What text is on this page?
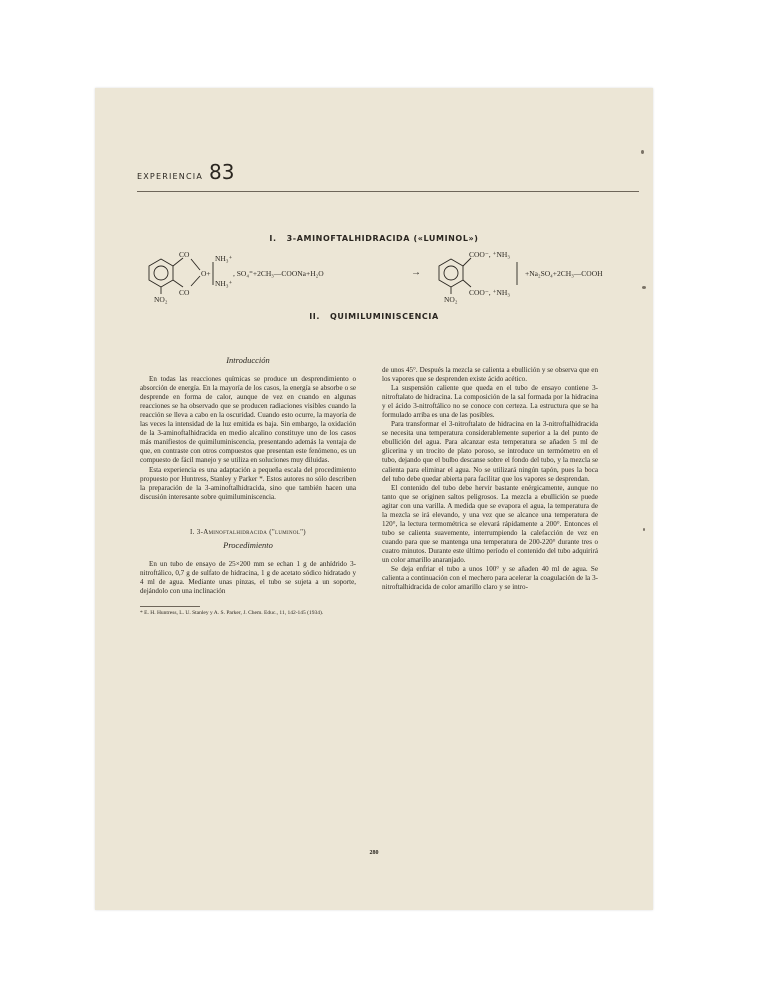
EXPERIENCIA 83
I. 3-AMINOFTALHIDRACIDA («LUMINOL»)
CO
CO
O+
NH₃⁺
NH₃⁺
NO₂
, SO₄⁼+2CH₃—COONa+H₂O	→
COO⁻, ⁺NH₃
COO⁻, ⁺NH₃
NO₂
+Na₂SO₄+2CH₃—COOH
II. QUIMILUMINISCENCIA

Introducción

En todas las reacciones químicas se produce un desprendimiento o absorción de energía. En la mayoría de los casos, la energía se absorbe o se desprende en forma de calor, aunque de vez en cuando en algunas reacciones se ha observado que se producen radiaciones visibles cuando la reacción se lleva a cabo en la oscuridad. Cuando esto ocurre, la mayoría de las veces la intensidad de la luz emitida es baja. Sin embargo, la oxidación de la 3-aminoftalhidracida en medio alcalino constituye uno de los casos más manifiestos de quimiluminiscencia, presentando además la ventaja de que, en contraste con otros compuestos que presentan este fenómeno, es un compuesto de fácil manejo y se utiliza en soluciones muy diluidas.

Esta experiencia es una adaptación a pequeña escala del procedimiento propuesto por Huntress, Stanley y Parker *. Estos autores no sólo describen la preparación de la 3-aminoftalhidracida, sino que también hacen una discusión interesante sobre quimiluminiscencia.

I. 3-Aminoftalhidracida ("luminol")

Procedimiento

En un tubo de ensayo de 25×200 mm se echan 1 g de anhídrido 3-nitroftálico, 0,7 g de sulfato de hidracina, 1 g de acetato sódico hidratado y 4 ml de agua. Mediante unas pinzas, el tubo se sujeta a un soporte, dejándolo con una inclinación

* E. H. Huntress, L. U. Stanley y A. S. Parker, J. Chem. Educ., 11, 142-145 (1934).

de unos 45°. Después la mezcla se calienta a ebullición y se observa que en los vapores que se desprenden existe ácido acético.

La suspensión caliente que queda en el tubo de ensayo contiene 3-nitroftalato de hidracina. La composición de la sal formada por la hidracina y el ácido 3-nitroftálico no se conoce con certeza. La estructura que se ha formulado arriba es una de las posibles.

Para transformar el 3-nitroftalato de hidracina en la 3-nitroftalhidracida se necesita una temperatura considerablemente superior a la del punto de ebullición del agua. Para alcanzar esta temperatura se añaden 5 ml de glicerina y un trocito de plato poroso, se introduce un termómetro en el tubo, dejando que el bulbo descanse sobre el fondo del tubo, y la mezcla se calienta para eliminar el agua. No se utilizará ningún tapón, pues la boca del tubo debe quedar abierta para facilitar que los vapores se desprendan.

El contenido del tubo debe hervir bastante enérgicamente, aunque no tanto que se originen saltos peligrosos. La mezcla a ebullición se puede agitar con una varilla. A medida que se evapora el agua, la temperatura de la mezcla se irá elevando, y una vez que se alcance una temperatura de 120°, la lectura termométrica se elevará rápidamente a 200°. Entonces el tubo se calienta suavemente, interrumpiendo la calefacción de vez en cuando para que se mantenga una temperatura de 200-220° durante tres o cuatro minutos. Durante este último período el contenido del tubo adquirirá un color amarillo anaranjado.

Se deja enfriar el tubo a unos 100° y se añaden 40 ml de agua. Se calienta a continuación con el mechero para acelerar la coagulación de la 3-nitroftalhidracida de color amarillo claro y se intro-

280
